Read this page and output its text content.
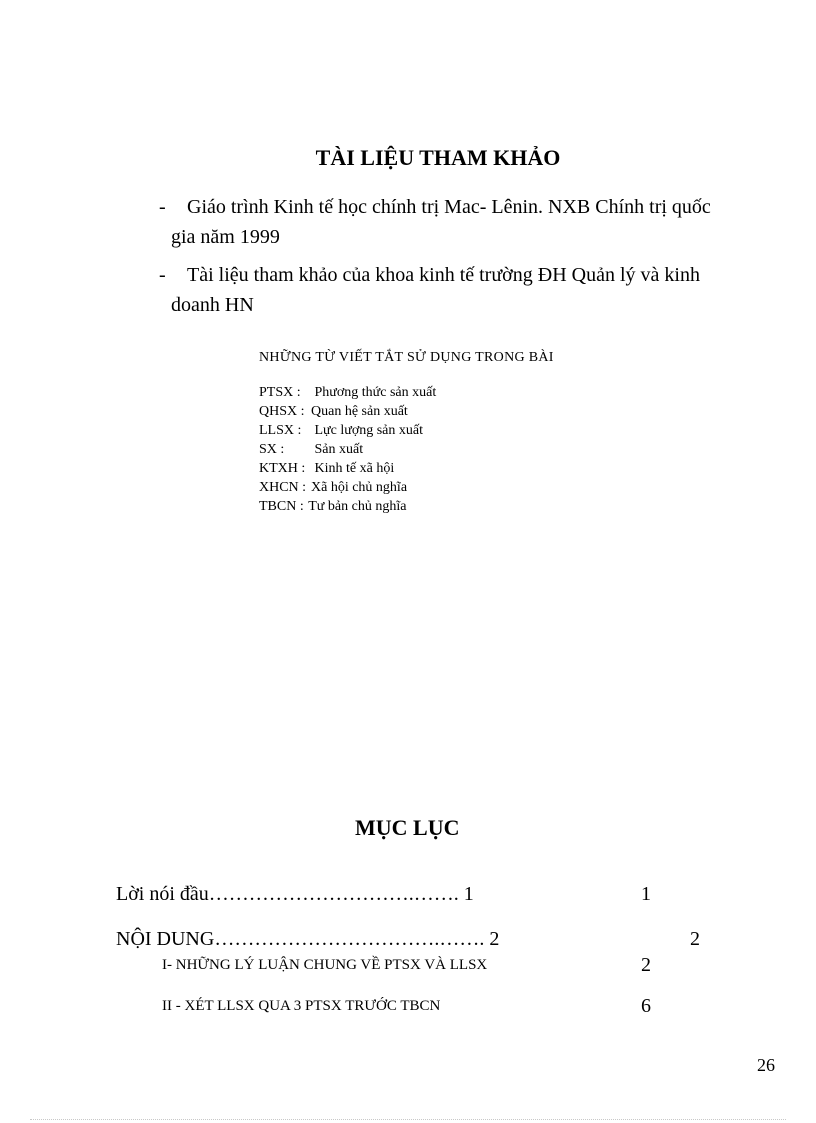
TÀI LIỆU THAM KHẢO
-	Giáo trình Kinh tế học chính trị Mac- Lênin. NXB Chính trị quốc
gia năm 1999
-	Tài liệu tham khảo của khoa kinh tế trường ĐH Quản lý và kinh
doanh HN
NHỮNG TỪ VIẾT TẮT SỬ DỤNG TRONG BÀI
PTSX : Phương thức sản xuất
QHSX : Quan hệ sản xuất
LLSX : Lực lượng sản xuất
SX : Sản xuất
KTXH : Kinh tế xã hội
XHCN : Xã hội chủ nghĩa
TBCN : Tư bản chủ nghĩa
MỤC LỤC
Lời nói đầu………………………….……. 1	1
NỘI DUNG…………………………….……. 2	2
I- NHỮNG LÝ LUẬN CHUNG VỀ PTSX VÀ LLSX	2
II - XÉT LLSX QUA 3 PTSX TRƯỚC TBCN	6
26
